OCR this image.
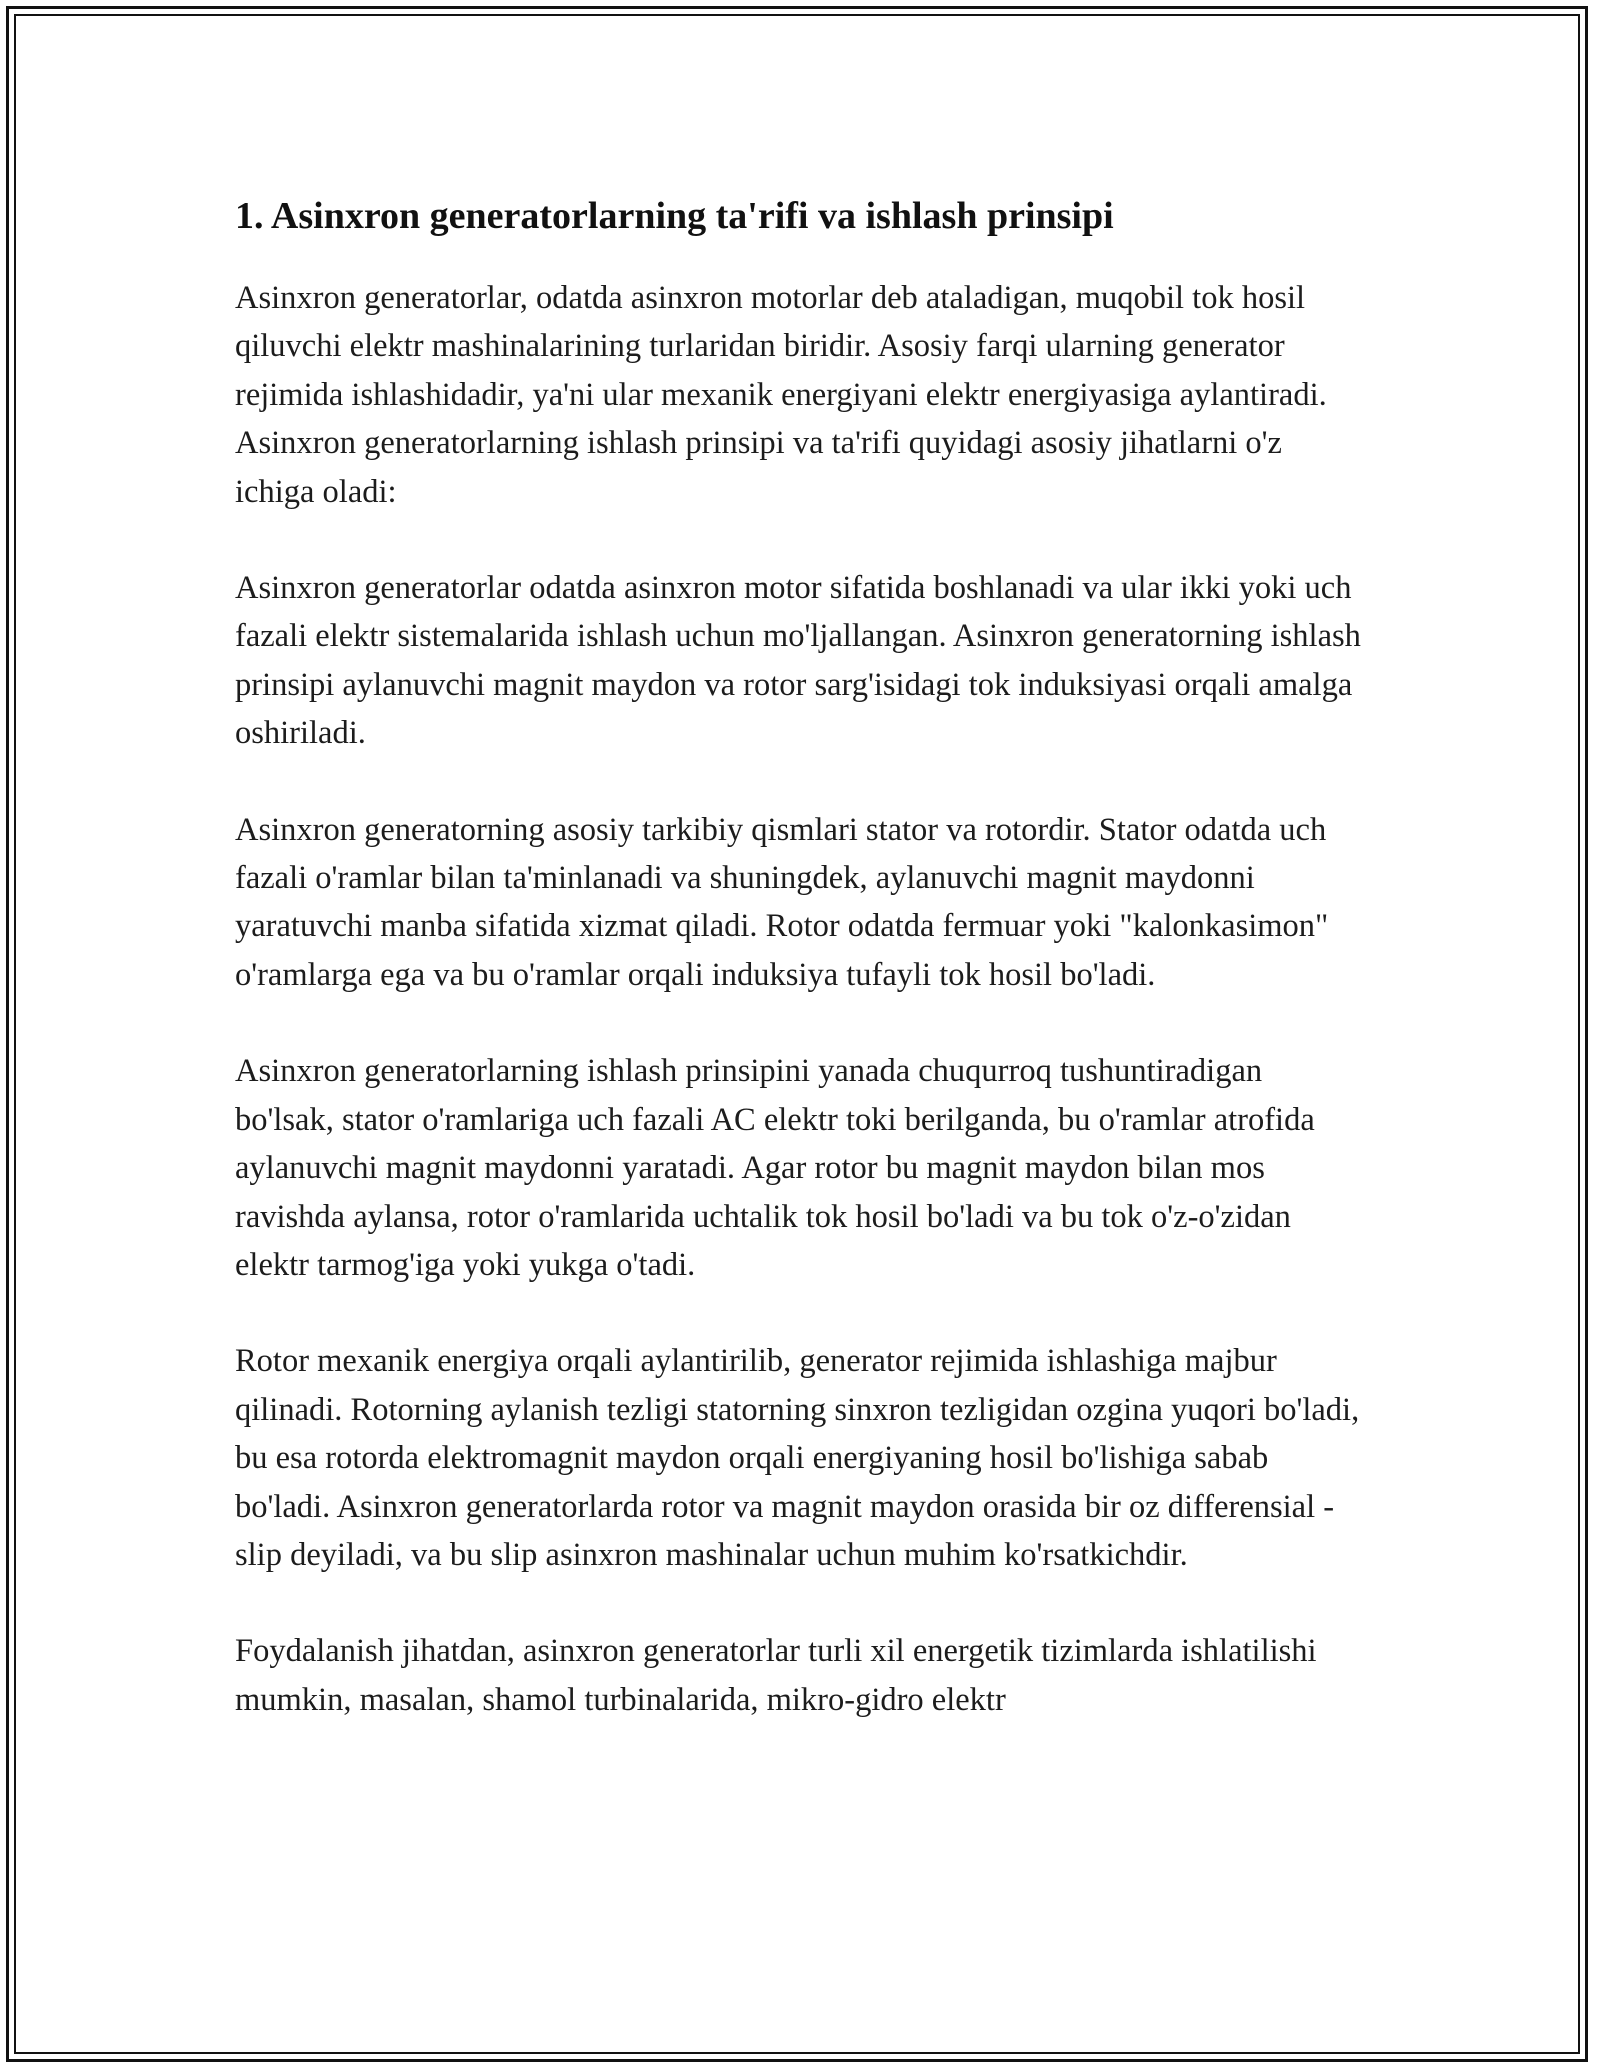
1. Asinxron generatorlarning ta'rifi va ishlash prinsipi

Asinxron generatorlar, odatda asinxron motorlar deb ataladigan, muqobil tok hosil qiluvchi elektr mashinalarining turlaridan biridir. Asosiy farqi ularning generator rejimida ishlashidadir, ya'ni ular mexanik energiyani elektr energiyasiga aylantiradi. Asinxron generatorlarning ishlash prinsipi va ta'rifi quyidagi asosiy jihatlarni o'z ichiga oladi:

Asinxron generatorlar odatda asinxron motor sifatida boshlanadi va ular ikki yoki uch fazali elektr sistemalarida ishlash uchun mo'ljallangan. Asinxron generatorning ishlash prinsipi aylanuvchi magnit maydon va rotor sarg'isidagi tok induksiyasi orqali amalga oshiriladi.

Asinxron generatorning asosiy tarkibiy qismlari stator va rotordir. Stator odatda uch fazali o'ramlar bilan ta'minlanadi va shuningdek, aylanuvchi magnit maydonni yaratuvchi manba sifatida xizmat qiladi. Rotor odatda fermuar yoki "kalonkasimon" o'ramlarga ega va bu o'ramlar orqali induksiya tufayli tok hosil bo'ladi.

Asinxron generatorlarning ishlash prinsipini yanada chuqurroq tushuntiradigan bo'lsak, stator o'ramlariga uch fazali AC elektr toki berilganda, bu o'ramlar atrofida aylanuvchi magnit maydonni yaratadi. Agar rotor bu magnit maydon bilan mos ravishda aylansa, rotor o'ramlarida uchtalik tok hosil bo'ladi va bu tok o'z-o'zidan elektr tarmog'iga yoki yukga o'tadi.

Rotor mexanik energiya orqali aylantirilib, generator rejimida ishlashiga majbur qilinadi. Rotorning aylanish tezligi statorning sinxron tezligidan ozgina yuqori bo'ladi, bu esa rotorda elektromagnit maydon orqali energiyaning hosil bo'lishiga sabab bo'ladi. Asinxron generatorlarda rotor va magnit maydon orasida bir oz differensial - slip deyiladi, va bu slip asinxron mashinalar uchun muhim ko'rsatkichdir.

Foydalanish jihatdan, asinxron generatorlar turli xil energetik tizimlarda ishlatilishi mumkin, masalan, shamol turbinalarida, mikro-gidro elektr
